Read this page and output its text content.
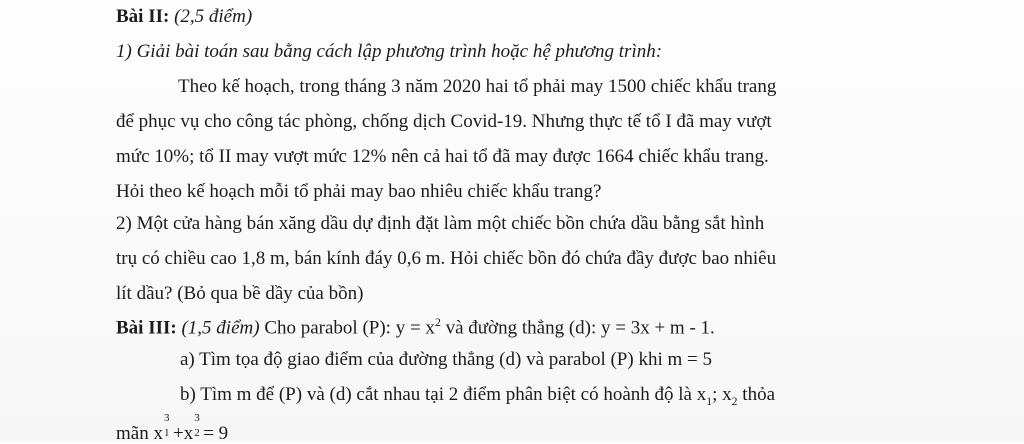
Bài II: (2,5 điểm)
1) Giải bài toán sau bằng cách lập phương trình hoặc hệ phương trình:
Theo kế hoạch, trong tháng 3 năm 2020 hai tổ phải may 1500 chiếc khẩu trang
để phục vụ cho công tác phòng, chống dịch Covid-19. Nhưng thực tế tổ I đã may vượt
mức 10%; tổ II may vượt mức 12% nên cả hai tổ đã may được 1664 chiếc khẩu trang.
Hỏi theo kế hoạch mỗi tổ phải may bao nhiêu chiếc khẩu trang?
2) Một cửa hàng bán xăng dầu dự định đặt làm một chiếc bồn chứa dầu bằng sắt hình
trụ có chiều cao 1,8 m, bán kính đáy 0,6 m. Hỏi chiếc bồn đó chứa đầy được bao nhiêu
lít dầu? (Bỏ qua bề dầy của bồn)
Bài III: (1,5 điểm) Cho parabol (P): $y = x^2$ và đường thẳng (d): y = 3x + m - 1.
a) Tìm tọa độ giao điểm của đường thẳng (d) và parabol (P) khi m = 5
b) Tìm m để (P) và (d) cắt nhau tại 2 điểm phân biệt có hoành độ là $x_1$; $x_2$ thỏa
mãn x
3
1 +x
3
2 = 9
